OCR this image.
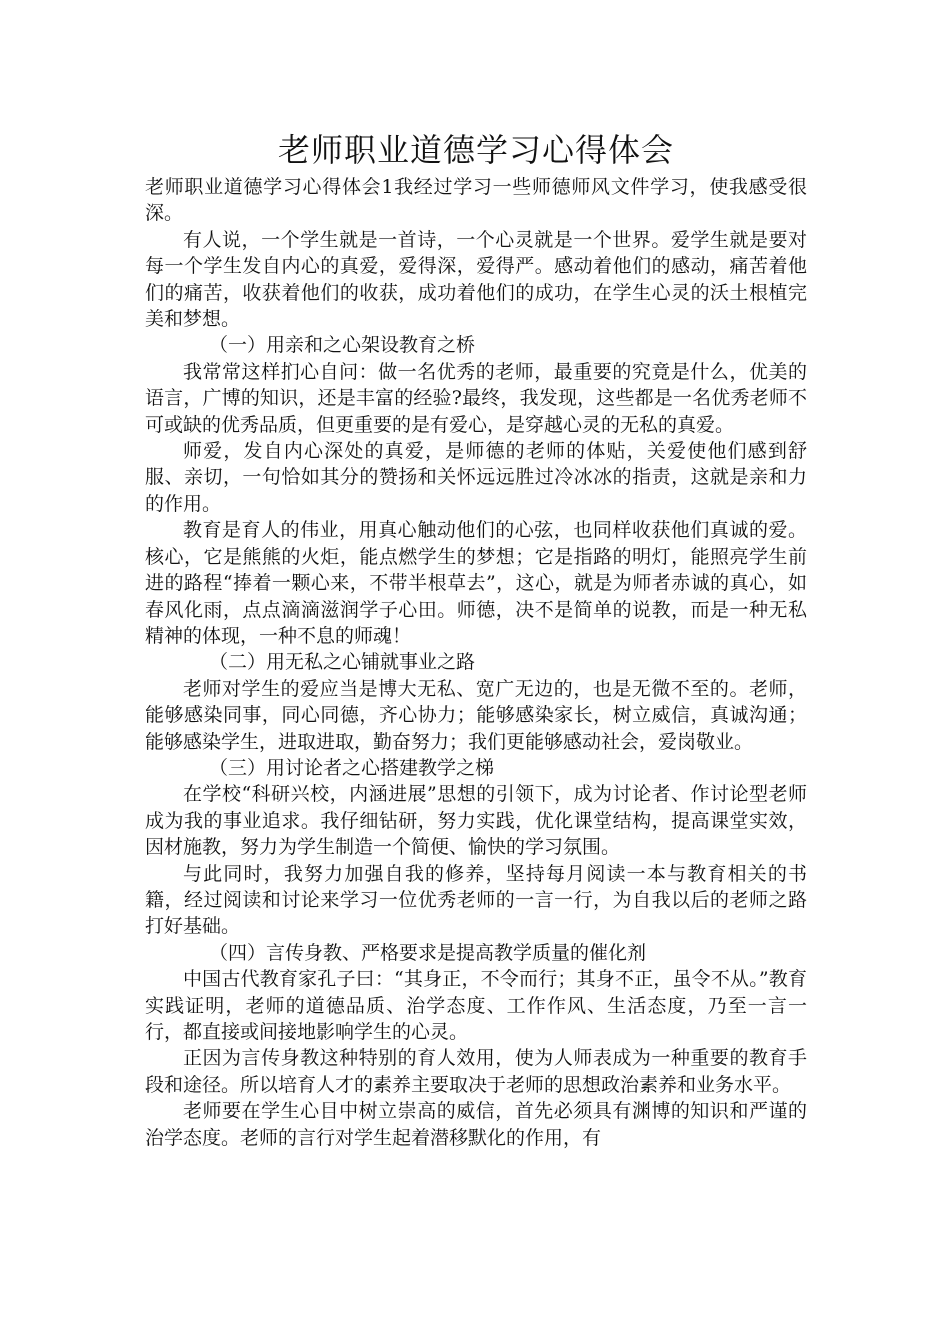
老师职业道德学习心得体会

老师职业道德学习心得体会1我经过学习一些师德师风文件学习，使我感受很深。

有人说，一个学生就是一首诗，一个心灵就是一个世界。爱学生就是要对每一个学生发自内心的真爱，爱得深，爱得严。感动着他们的感动，痛苦着他们的痛苦，收获着他们的收获，成功着他们的成功，在学生心灵的沃土根植完美和梦想。

（一）用亲和之心架设教育之桥

我常常这样扪心自问：做一名优秀的老师，最重要的究竟是什么，优美的语言，广博的知识，还是丰富的经验?最终，我发现，这些都是一名优秀老师不可或缺的优秀品质，但更重要的是有爱心，是穿越心灵的无私的真爱。

师爱，发自内心深处的真爱，是师德的老师的体贴，关爱使他们感到舒服、亲切，一句恰如其分的赞扬和关怀远远胜过冷冰冰的指责，这就是亲和力的作用。

教育是育人的伟业，用真心触动他们的心弦，也同样收获他们真诚的爱。核心，它是熊熊的火炬，能点燃学生的梦想；它是指路的明灯，能照亮学生前进的路程“捧着一颗心来，不带半根草去”，这心，就是为师者赤诚的真心，如春风化雨，点点滴滴滋润学子心田。师德，决不是简单的说教，而是一种无私精神的体现，一种不息的师魂！

（二）用无私之心铺就事业之路

老师对学生的爱应当是博大无私、宽广无边的，也是无微不至的。老师，能够感染同事，同心同德，齐心协力；能够感染家长，树立威信，真诚沟通；能够感染学生，进取进取，勤奋努力；我们更能够感动社会，爱岗敬业。

（三）用讨论者之心搭建教学之梯

在学校“科研兴校，内涵进展”思想的引领下，成为讨论者、作讨论型老师成为我的事业追求。我仔细钻研，努力实践，优化课堂结构，提高课堂实效，因材施教，努力为学生制造一个简便、愉快的学习氛围。

与此同时，我努力加强自我的修养，坚持每月阅读一本与教育相关的书籍，经过阅读和讨论来学习一位优秀老师的一言一行，为自我以后的老师之路打好基础。

（四）言传身教、严格要求是提高教学质量的催化剂

中国古代教育家孔子曰：“其身正，不令而行；其身不正，虽令不从。”教育实践证明，老师的道德品质、治学态度、工作作风、生活态度，乃至一言一行，都直接或间接地影响学生的心灵。

正因为言传身教这种特别的育人效用，使为人师表成为一种重要的教育手段和途径。所以培育人才的素养主要取决于老师的思想政治素养和业务水平。

老师要在学生心目中树立崇高的威信，首先必须具有渊博的知识和严谨的治学态度。老师的言行对学生起着潜移默化的作用，有
